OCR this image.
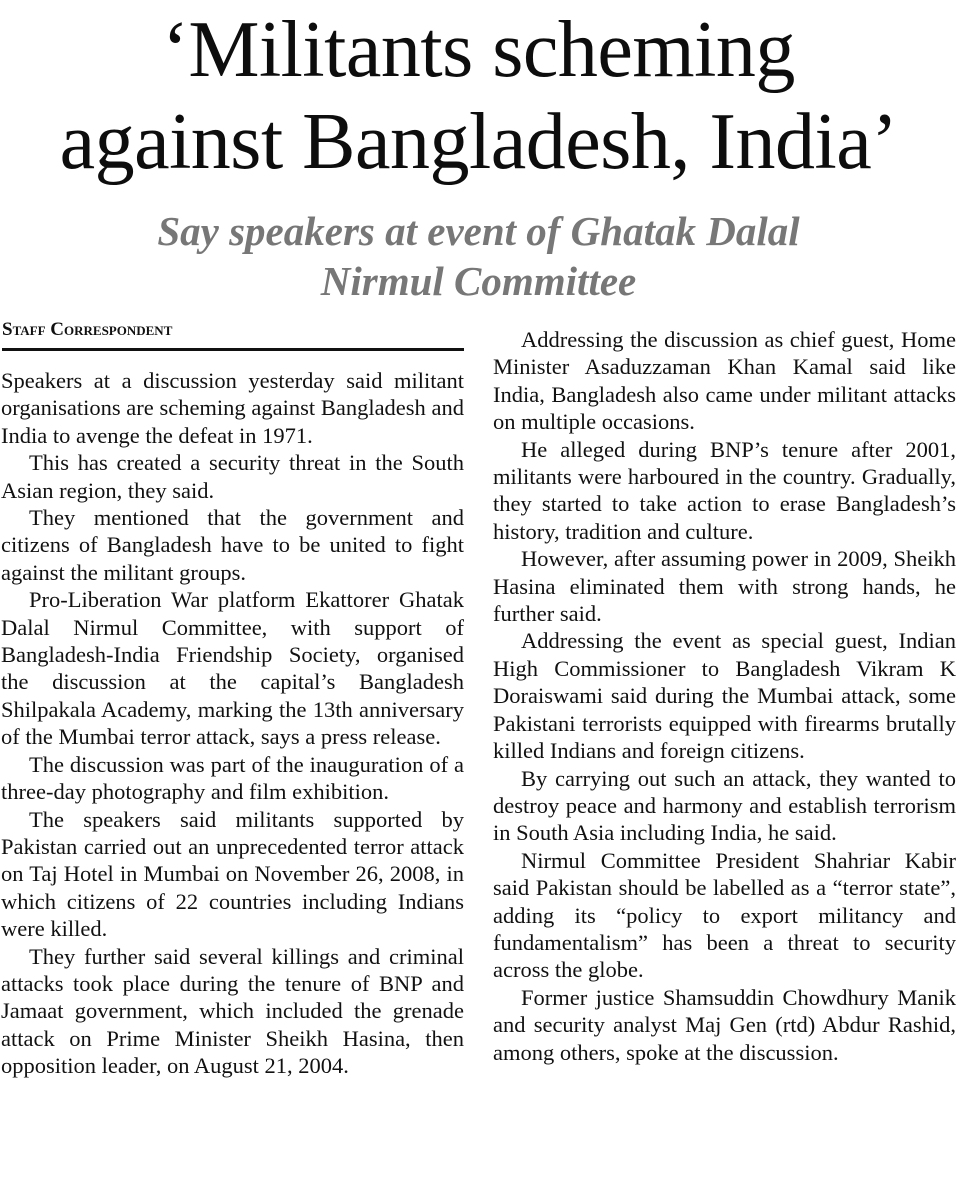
‘Militants scheming
against Bangladesh, India’
Say speakers at event of Ghatak Dalal
Nirmul Committee
Staff Correspondent

Speakers at a discussion yesterday said militant organisations are scheming against Bangladesh and India to avenge the defeat in 1971.

This has created a security threat in the South Asian region, they said.

They mentioned that the government and citizens of Bangladesh have to be united to fight against the militant groups.

Pro-Liberation War platform Ekattorer Ghatak Dalal Nirmul Committee, with support of Bangladesh-India Friendship Society, organised the discussion at the capital’s Bangladesh Shilpakala Academy, marking the 13th anniversary of the Mumbai terror attack, says a press release.

The discussion was part of the inauguration of a three-day photography and film exhibition.

The speakers said militants supported by Pakistan carried out an unprecedented terror attack on Taj Hotel in Mumbai on November 26, 2008, in which citizens of 22 countries including Indians were killed.

They further said several killings and criminal attacks took place during the tenure of BNP and Jamaat government, which included the grenade attack on Prime Minister Sheikh Hasina, then opposition leader, on August 21, 2004.

Addressing the discussion as chief guest, Home Minister Asaduzzaman Khan Kamal said like India, Bangladesh also came under militant attacks on multiple occasions.

He alleged during BNP’s tenure after 2001, militants were harboured in the country. Gradually, they started to take action to erase Bangladesh’s history, tradition and culture.

However, after assuming power in 2009, Sheikh Hasina eliminated them with strong hands, he further said.

Addressing the event as special guest, Indian High Commissioner to Bangladesh Vikram K Doraiswami said during the Mumbai attack, some Pakistani terrorists equipped with firearms brutally killed Indians and foreign citizens.

By carrying out such an attack, they wanted to destroy peace and harmony and establish terrorism in South Asia including India, he said.

Nirmul Committee President Shahriar Kabir said Pakistan should be labelled as a “terror state”, adding its “policy to export militancy and fundamentalism” has been a threat to security across the globe.

Former justice Shamsuddin Chowdhury Manik and security analyst Maj Gen (rtd) Abdur Rashid, among others, spoke at the discussion.
